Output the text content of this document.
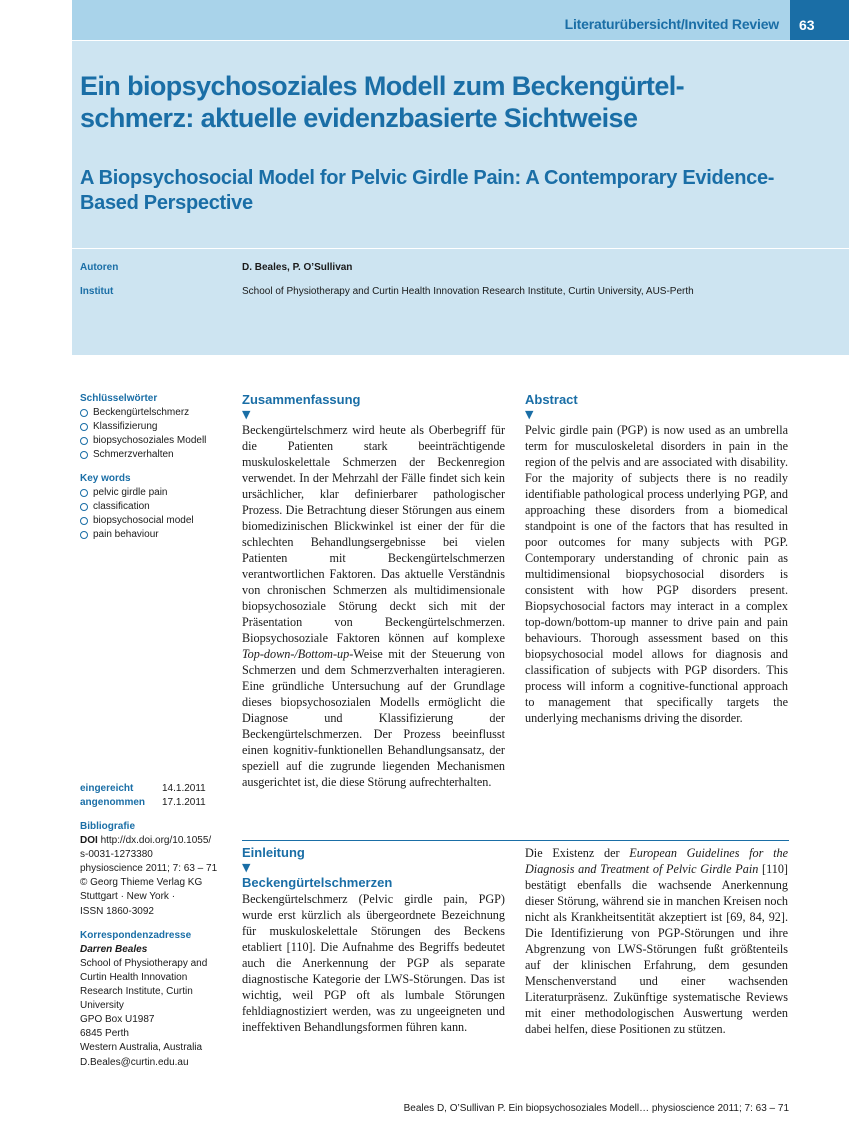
Literaturübersicht/Invited Review 63
Ein biopsychosoziales Modell zum Beckengürtel-schmerz: aktuelle evidenzbasierte Sichtweise
A Biopsychosocial Model for Pelvic Girdle Pain: A Contemporary Evidence-Based Perspective
Autoren	D. Beales, P. O’Sullivan
Institut	School of Physiotherapy and Curtin Health Innovation Research Institute, Curtin University, AUS-Perth
Schlüsselwörter
Beckengürtelschmerz
Klassifizierung
biopsychosoziales Modell
Schmerzverhalten
Key words
pelvic girdle pain
classification
biopsychosocial model
pain behaviour
eingereicht	14.1.2011
angenommen	17.1.2011
Bibliografie
DOI http://dx.doi.org/10.1055/
s-0031-1273380
physioscience 2011; 7: 63 – 71
© Georg Thieme Verlag KG
Stuttgart · New York ·
ISSN 1860-3092
Korrespondenzadresse
Darren Beales
School of Physiotherapy and
Curtin Health Innovation
Research Institute, Curtin
University
GPO Box U1987
6845 Perth
Western Australia, Australia
D.Beales@curtin.edu.au
Zusammenfassung
▼
Beckengürtelschmerz wird heute als Oberbegriff für die Patienten stark beeinträchtigende muskuloskelettale Schmerzen der Beckenregion verwendet. In der Mehrzahl der Fälle findet sich kein ursächlicher, klar definierbarer pathologischer Prozess. Die Betrachtung dieser Störungen aus einem biomedizinischen Blickwinkel ist einer der für die schlechten Behandlungsergebnisse bei vielen Patienten mit Beckengürtelschmerzen verantwortlichen Faktoren. Das aktuelle Verständnis von chronischen Schmerzen als multidimensionale biopsychosoziale Störung deckt sich mit der Präsentation von Beckengürtelschmerzen. Biopsychosoziale Faktoren können auf komplexe Top-down-/Bottom-up-Weise mit der Steuerung von Schmerzen und dem Schmerzverhalten interagieren. Eine gründliche Untersuchung auf der Grundlage dieses biopsychosozialen Modells ermöglicht die Diagnose und Klassifizierung der Beckengürtelschmerzen. Der Prozess beeinflusst einen kognitiv-funktionellen Behandlungsansatz, der speziell auf die zugrunde liegenden Mechanismen ausgerichtet ist, die diese Störung aufrechterhalten.
Abstract
▼
Pelvic girdle pain (PGP) is now used as an umbrella term for musculoskeletal disorders in pain in the region of the pelvis and are associated with disability. For the majority of subjects there is no readily identifiable pathological process underlying PGP, and approaching these disorders from a biomedical standpoint is one of the factors that has resulted in poor outcomes for many subjects with PGP. Contemporary understanding of chronic pain as multidimensional biopsychosocial disorders is consistent with how PGP disorders present. Biopsychosocial factors may interact in a complex top-down/bottom-up manner to drive pain and pain behaviours. Thorough assessment based on this biopsychosocial model allows for diagnosis and classification of subjects with PGP disorders. This process will inform a cognitive-functional approach to management that specifically targets the underlying mechanisms driving the disorder.
Einleitung
▼
Beckengürtelschmerzen
Beckengürtelschmerz (Pelvic girdle pain, PGP) wurde erst kürzlich als übergeordnete Bezeichnung für muskuloskelettale Störungen des Beckens etabliert [110]. Die Aufnahme des Begriffs bedeutet auch die Anerkennung der PGP als separate diagnostische Kategorie der LWS-Störungen. Das ist wichtig, weil PGP oft als lumbale Störungen fehldiagnostiziert werden, was zu ungeeigneten und ineffektiven Behandlungsformen führen kann.
Die Existenz der European Guidelines for the Diagnosis and Treatment of Pelvic Girdle Pain [110] bestätigt ebenfalls die wachsende Anerkennung dieser Störung, während sie in manchen Kreisen noch nicht als Krankheitsentität akzeptiert ist [69, 84, 92]. Die Identifizierung von PGP-Störungen und ihre Abgrenzung von LWS-Störungen fußt größtenteils auf der klinischen Erfahrung, dem gesunden Menschenverstand und einer wachsenden Literaturpräsenz. Zukünftige systematische Reviews mit einer methodologischen Auswertung werden dabei helfen, diese Positionen zu stützen.
Beales D, O’Sullivan P. Ein biopsychosoziales Modell… physioscience 2011; 7: 63 – 71
